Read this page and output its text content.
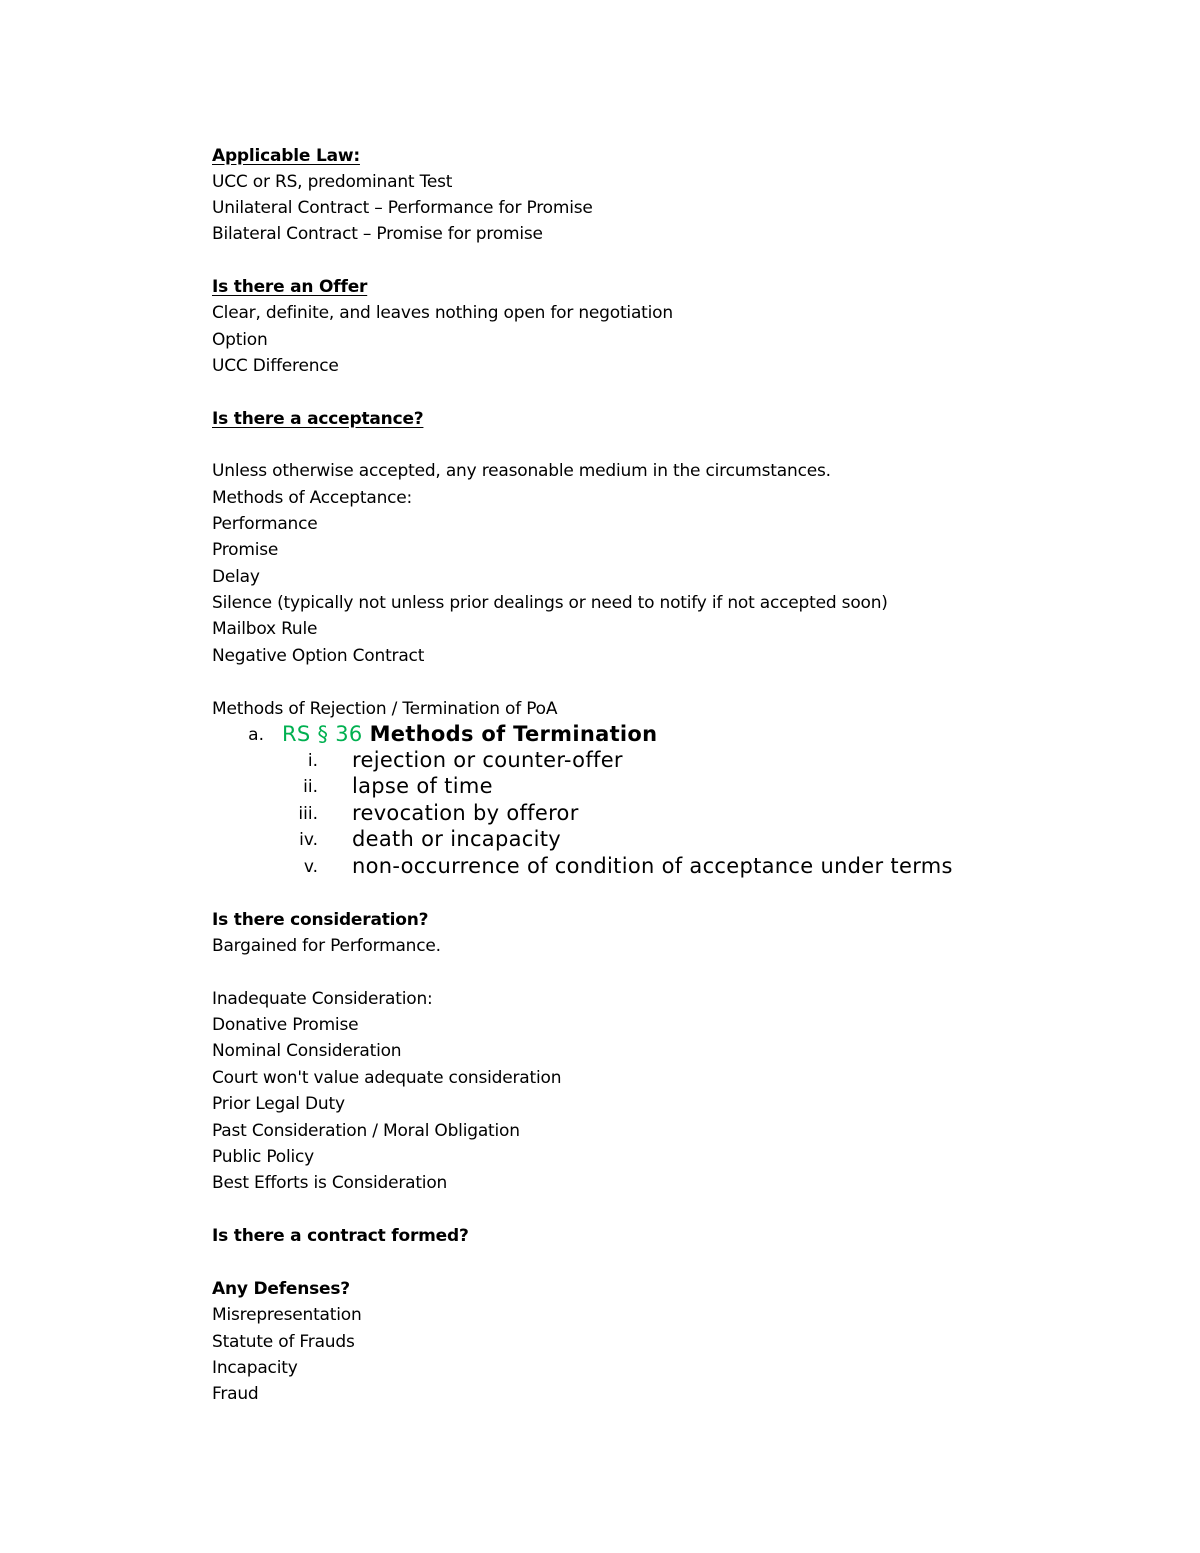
Applicable Law:
UCC or RS, predominant Test
Unilateral Contract – Performance for Promise
Bilateral Contract – Promise for promise
Is there an Offer
Clear, definite, and leaves nothing open for negotiation
Option
UCC Difference
Is there a acceptance?
Unless otherwise accepted, any reasonable medium in the circumstances.
Methods of Acceptance:
Performance
Promise
Delay
Silence (typically not unless prior dealings or need to notify if not accepted soon)
Mailbox Rule
Negative Option Contract
Methods of Rejection / Termination of PoA
a. RS § 36 Methods of Termination
i. rejection or counter-offer
ii. lapse of time
iii. revocation by offeror
iv. death or incapacity
v. non-occurrence of condition of acceptance under terms
Is there consideration?
Bargained for Performance.
Inadequate Consideration:
Donative Promise
Nominal Consideration
Court won't value adequate consideration
Prior Legal Duty
Past Consideration / Moral Obligation
Public Policy
Best Efforts is Consideration
Is there a contract formed?
Any Defenses?
Misrepresentation
Statute of Frauds
Incapacity
Fraud
